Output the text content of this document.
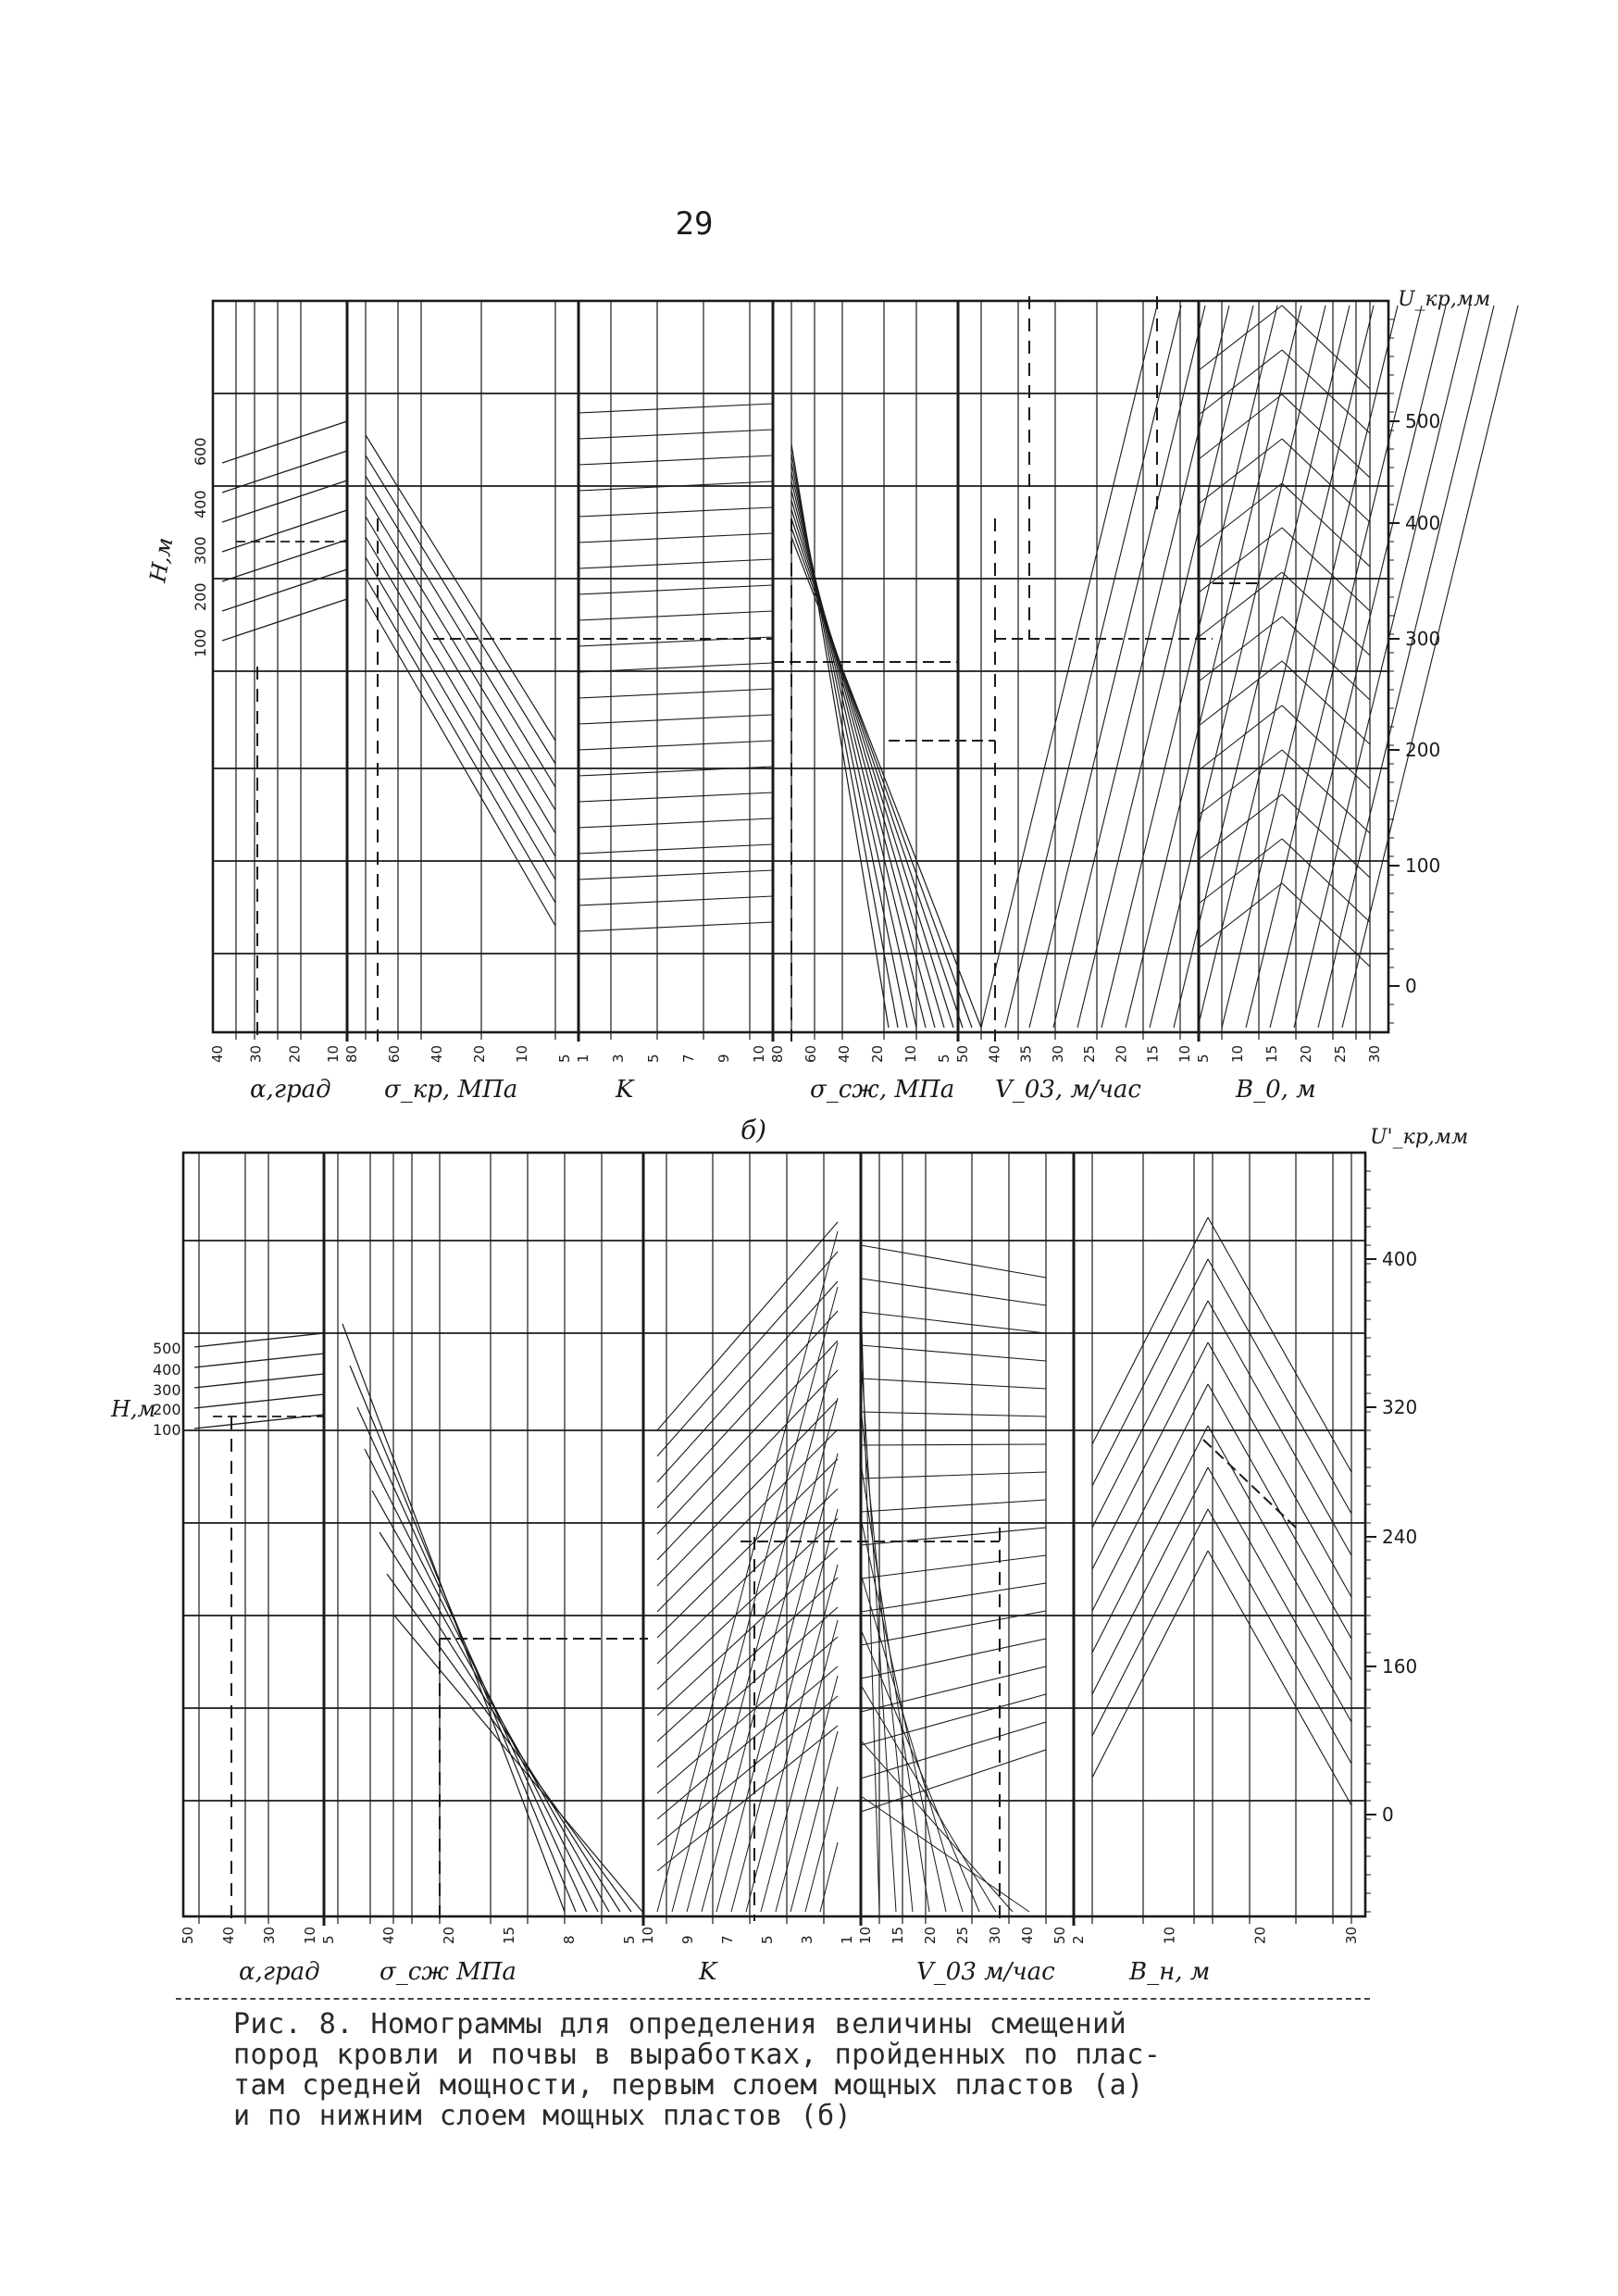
29
500
400
300
200
100
0
U_кр,мм
600
400
300
200
100
H,м
40 30 20 10
α,град
80 60 40 20 10 5
σ_кр, МПа
1 3 5 7 9 10
K
80 60 40 20 10 5
σ_сж, МПа
50 40 35 30 25 20 15 10
V_03, м/час
5 10 15 20 25 30
B_0, м
б)
400
320
240
160
0
U'_кр,мм
500
400
300
200
100
H,м
50 40 30 10
α,град
5	40	20	15	8	5
σ_сж МПа
10 9 7 5 3 1
K
10 15 20 25 30 40 50
V_03 м/час
2	10	20	30
B_н, м
Рис. 8. Номограммы для определения величины смещений
пород кровли и почвы в выработках, пройденных по плас-
там средней мощности, первым слоем мощных пластов (а)
и по нижним слоем мощных пластов (б)
